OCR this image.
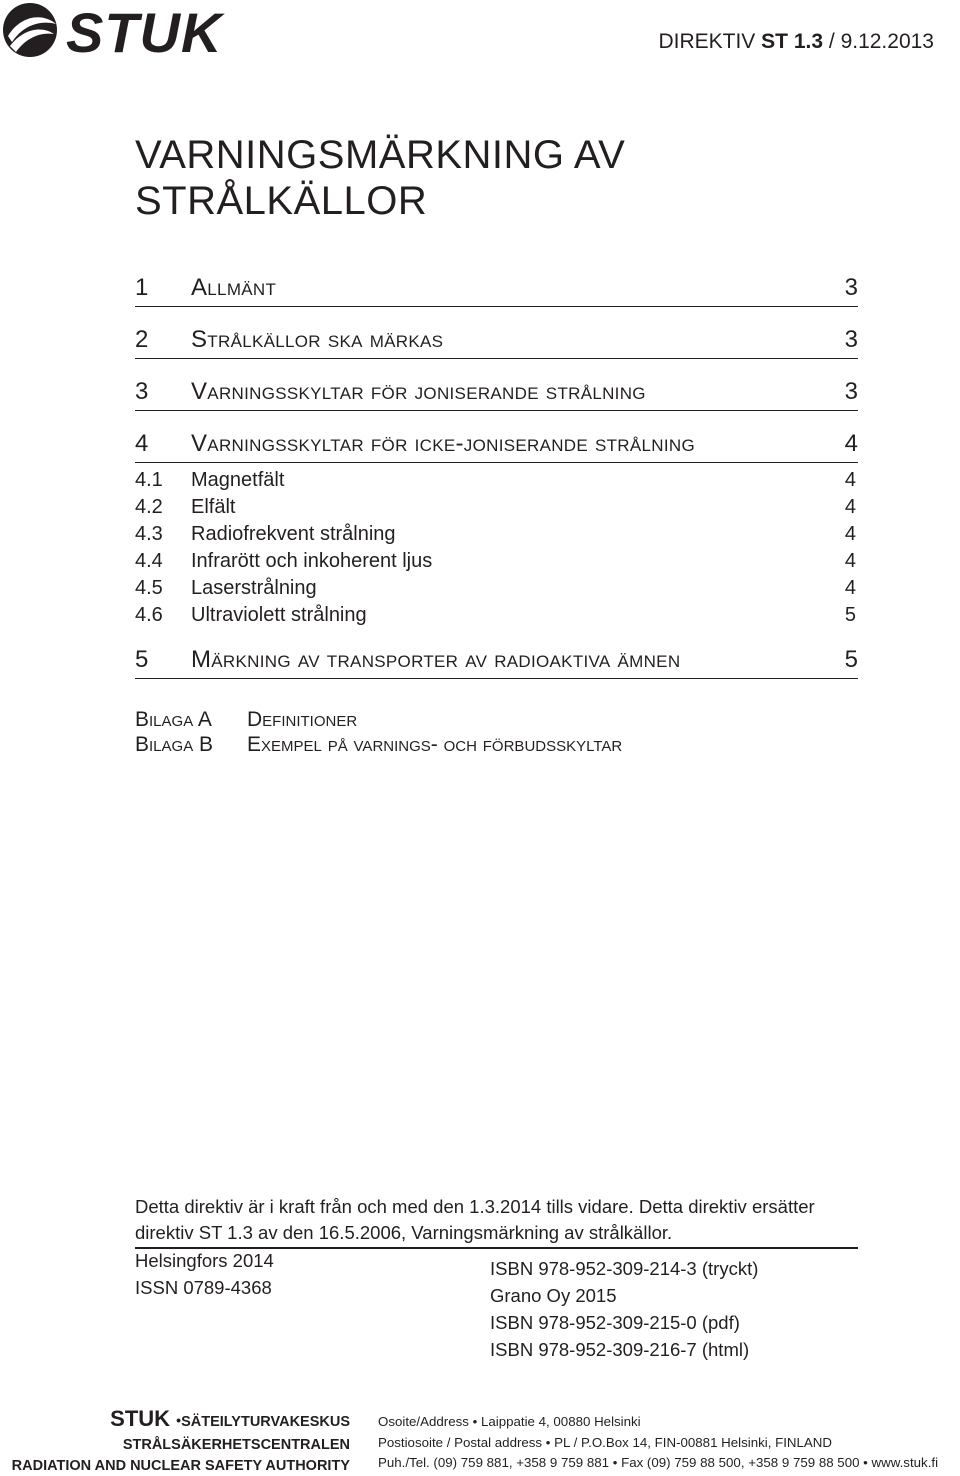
STUK	DIREKTIV ST 1.3 / 9.12.2013
VARNINGSMÄRKNING AV
STRÅLKÄLLOR
1 Allmänt	3
2 Strålkällor ska märkas	3
3 Varningsskyltar för joniserande strålning	3
4 Varningsskyltar för icke-joniserande strålning	4
4.1 Magnetfält	4
4.2 Elfält	4
4.3 Radiofrekvent strålning	4
4.4 Infrarött och inkoherent ljus	4
4.5 Laserstrålning	4
4.6 Ultraviolett strålning	5
5 Märkning av transporter av radioaktiva ämnen	5
Bilaga A Definitioner
Bilaga B Exempel på varnings- och förbudsskyltar
Detta direktiv är i kraft från och med den 1.3.2014 tills vidare. Detta direktiv ersätter direktiv ST 1.3 av den 16.5.2006, Varningsmärkning av strålkällor.
Helsingfors 2014
ISSN 0789-4368
ISBN 978-952-309-214-3 (tryckt)
Grano Oy 2015
ISBN 978-952-309-215-0 (pdf)
ISBN 978-952-309-216-7 (html)
STUK •SÄTEILYTURVAKESKUS
STRÅLSÄKERHETSCENTRALEN
RADIATION AND NUCLEAR SAFETY AUTHORITY
Osoite/Address • Laippatie 4, 00880 Helsinki
Postiosoite / Postal address • PL / P.O.Box 14, FIN-00881 Helsinki, FINLAND
Puh./Tel. (09) 759 881, +358 9 759 881 • Fax (09) 759 88 500, +358 9 759 88 500 • www.stuk.fi
